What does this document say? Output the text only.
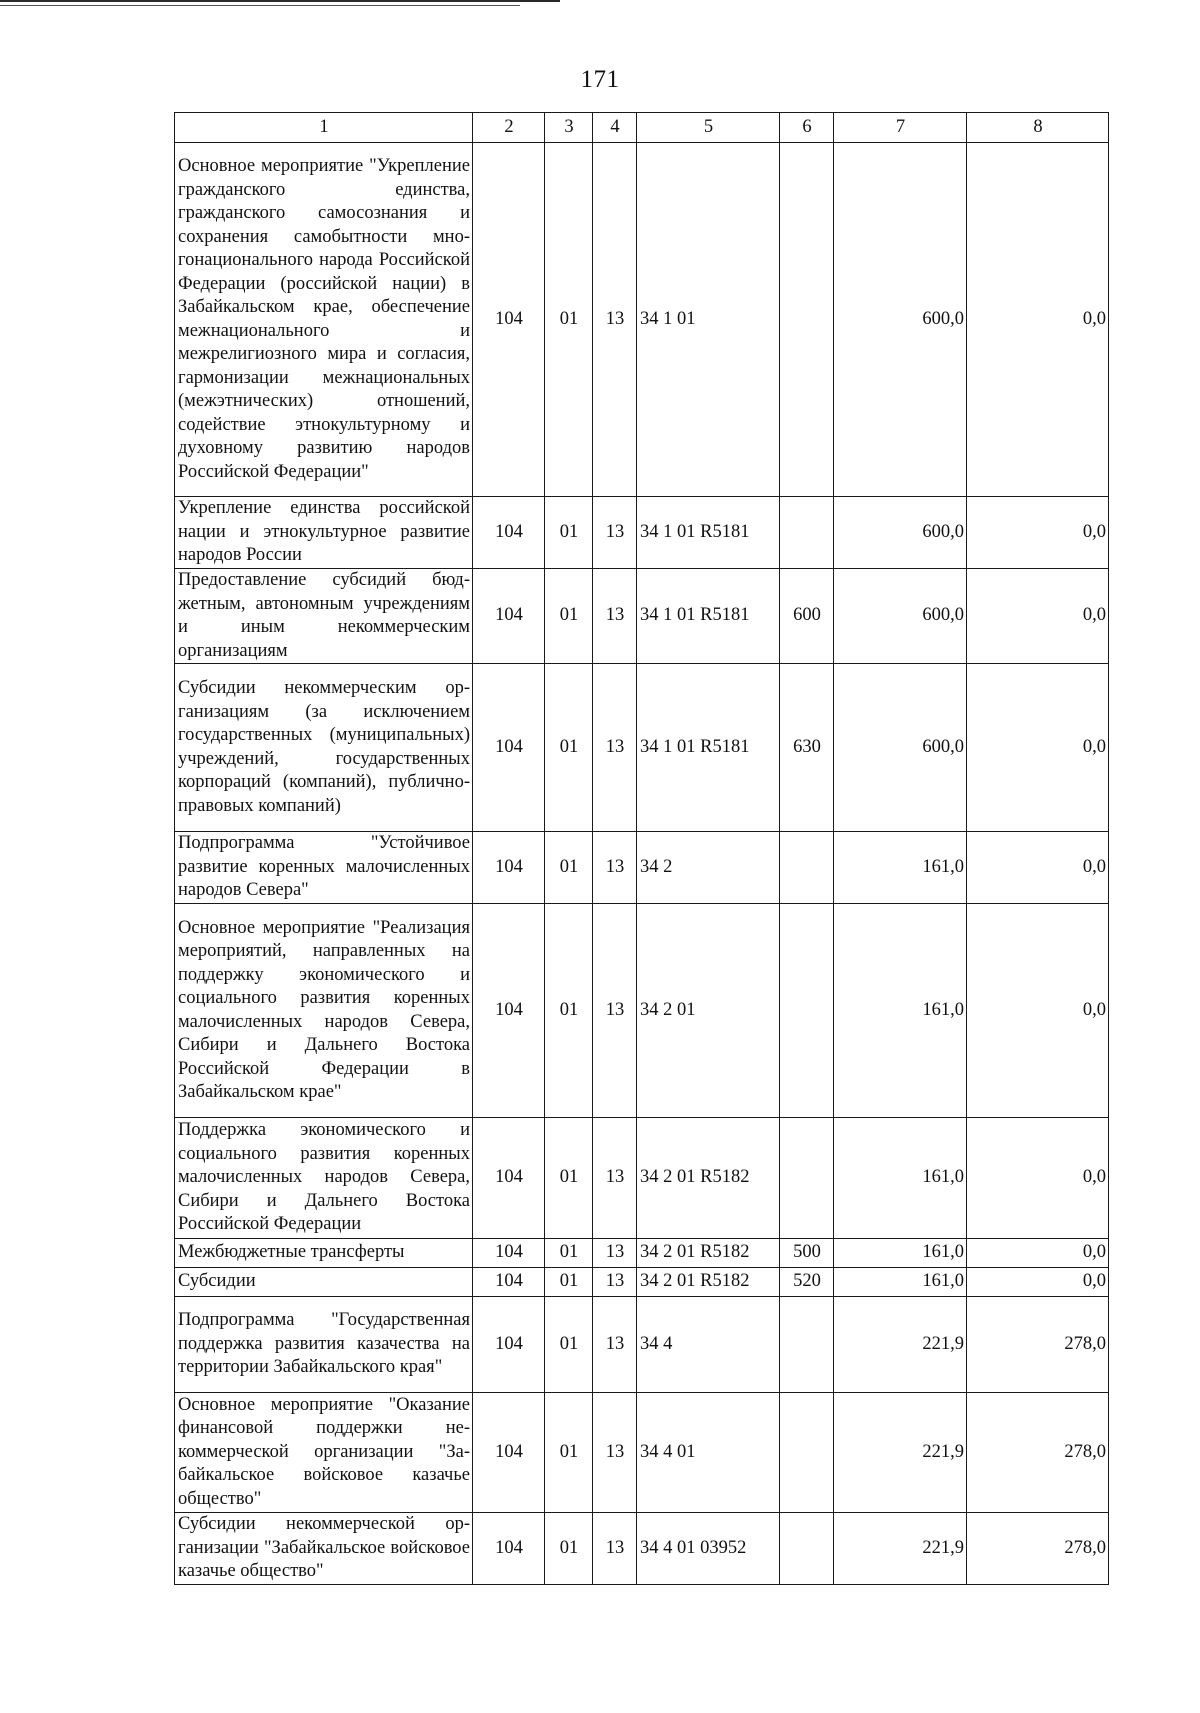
171
1	2	3	4	5	6	7	8
Основное мероприятие "Укрепление гражданского единства, гражданского самосознания и сохранения самобытности многонационального народа Российской Федерации (российской нации) в Забайкальском крае, обеспечение межнационального и межрелигиозного мира и согласия, гармонизации межнациональных (межэтнических) отношений, содействие этнокультурному и духовному развитию народов Российской Федерации"	104	01	13	34 1 01		600,0	0,0
Укрепление единства российской нации и этнокультурное развитие народов России	104	01	13	34 1 01 R5181		600,0	0,0
Предоставление субсидий бюджетным, автономным учреждениям и иным некоммерческим организациям	104	01	13	34 1 01 R5181	600	600,0	0,0
Субсидии некоммерческим организациям (за исключением государственных (муниципальных) учреждений, государственных корпораций (компаний), публично-правовых компаний)	104	01	13	34 1 01 R5181	630	600,0	0,0
Подпрограмма "Устойчивое развитие коренных малочисленных народов Севера"	104	01	13	34 2		161,0	0,0
Основное мероприятие "Реализация мероприятий, направленных на поддержку экономического и социального развития коренных малочисленных народов Севера, Сибири и Дальнего Востока Российской Федерации в Забайкальском крае"	104	01	13	34 2 01		161,0	0,0
Поддержка экономического и социального развития коренных малочисленных народов Севера, Сибири и Дальнего Востока Российской Федерации	104	01	13	34 2 01 R5182		161,0	0,0
Межбюджетные трансферты	104	01	13	34 2 01 R5182	500	161,0	0,0
Субсидии	104	01	13	34 2 01 R5182	520	161,0	0,0
Подпрограмма "Государственная поддержка развития казачества на территории Забайкальского края"	104	01	13	34 4		221,9	278,0
Основное мероприятие "Оказание финансовой поддержки некоммерческой организации "Забайкальское войсковое казачье общество"	104	01	13	34 4 01		221,9	278,0
Субсидии некоммерческой организации "Забайкальское войсковое казачье общество"	104	01	13	34 4 01 03952		221,9	278,0
